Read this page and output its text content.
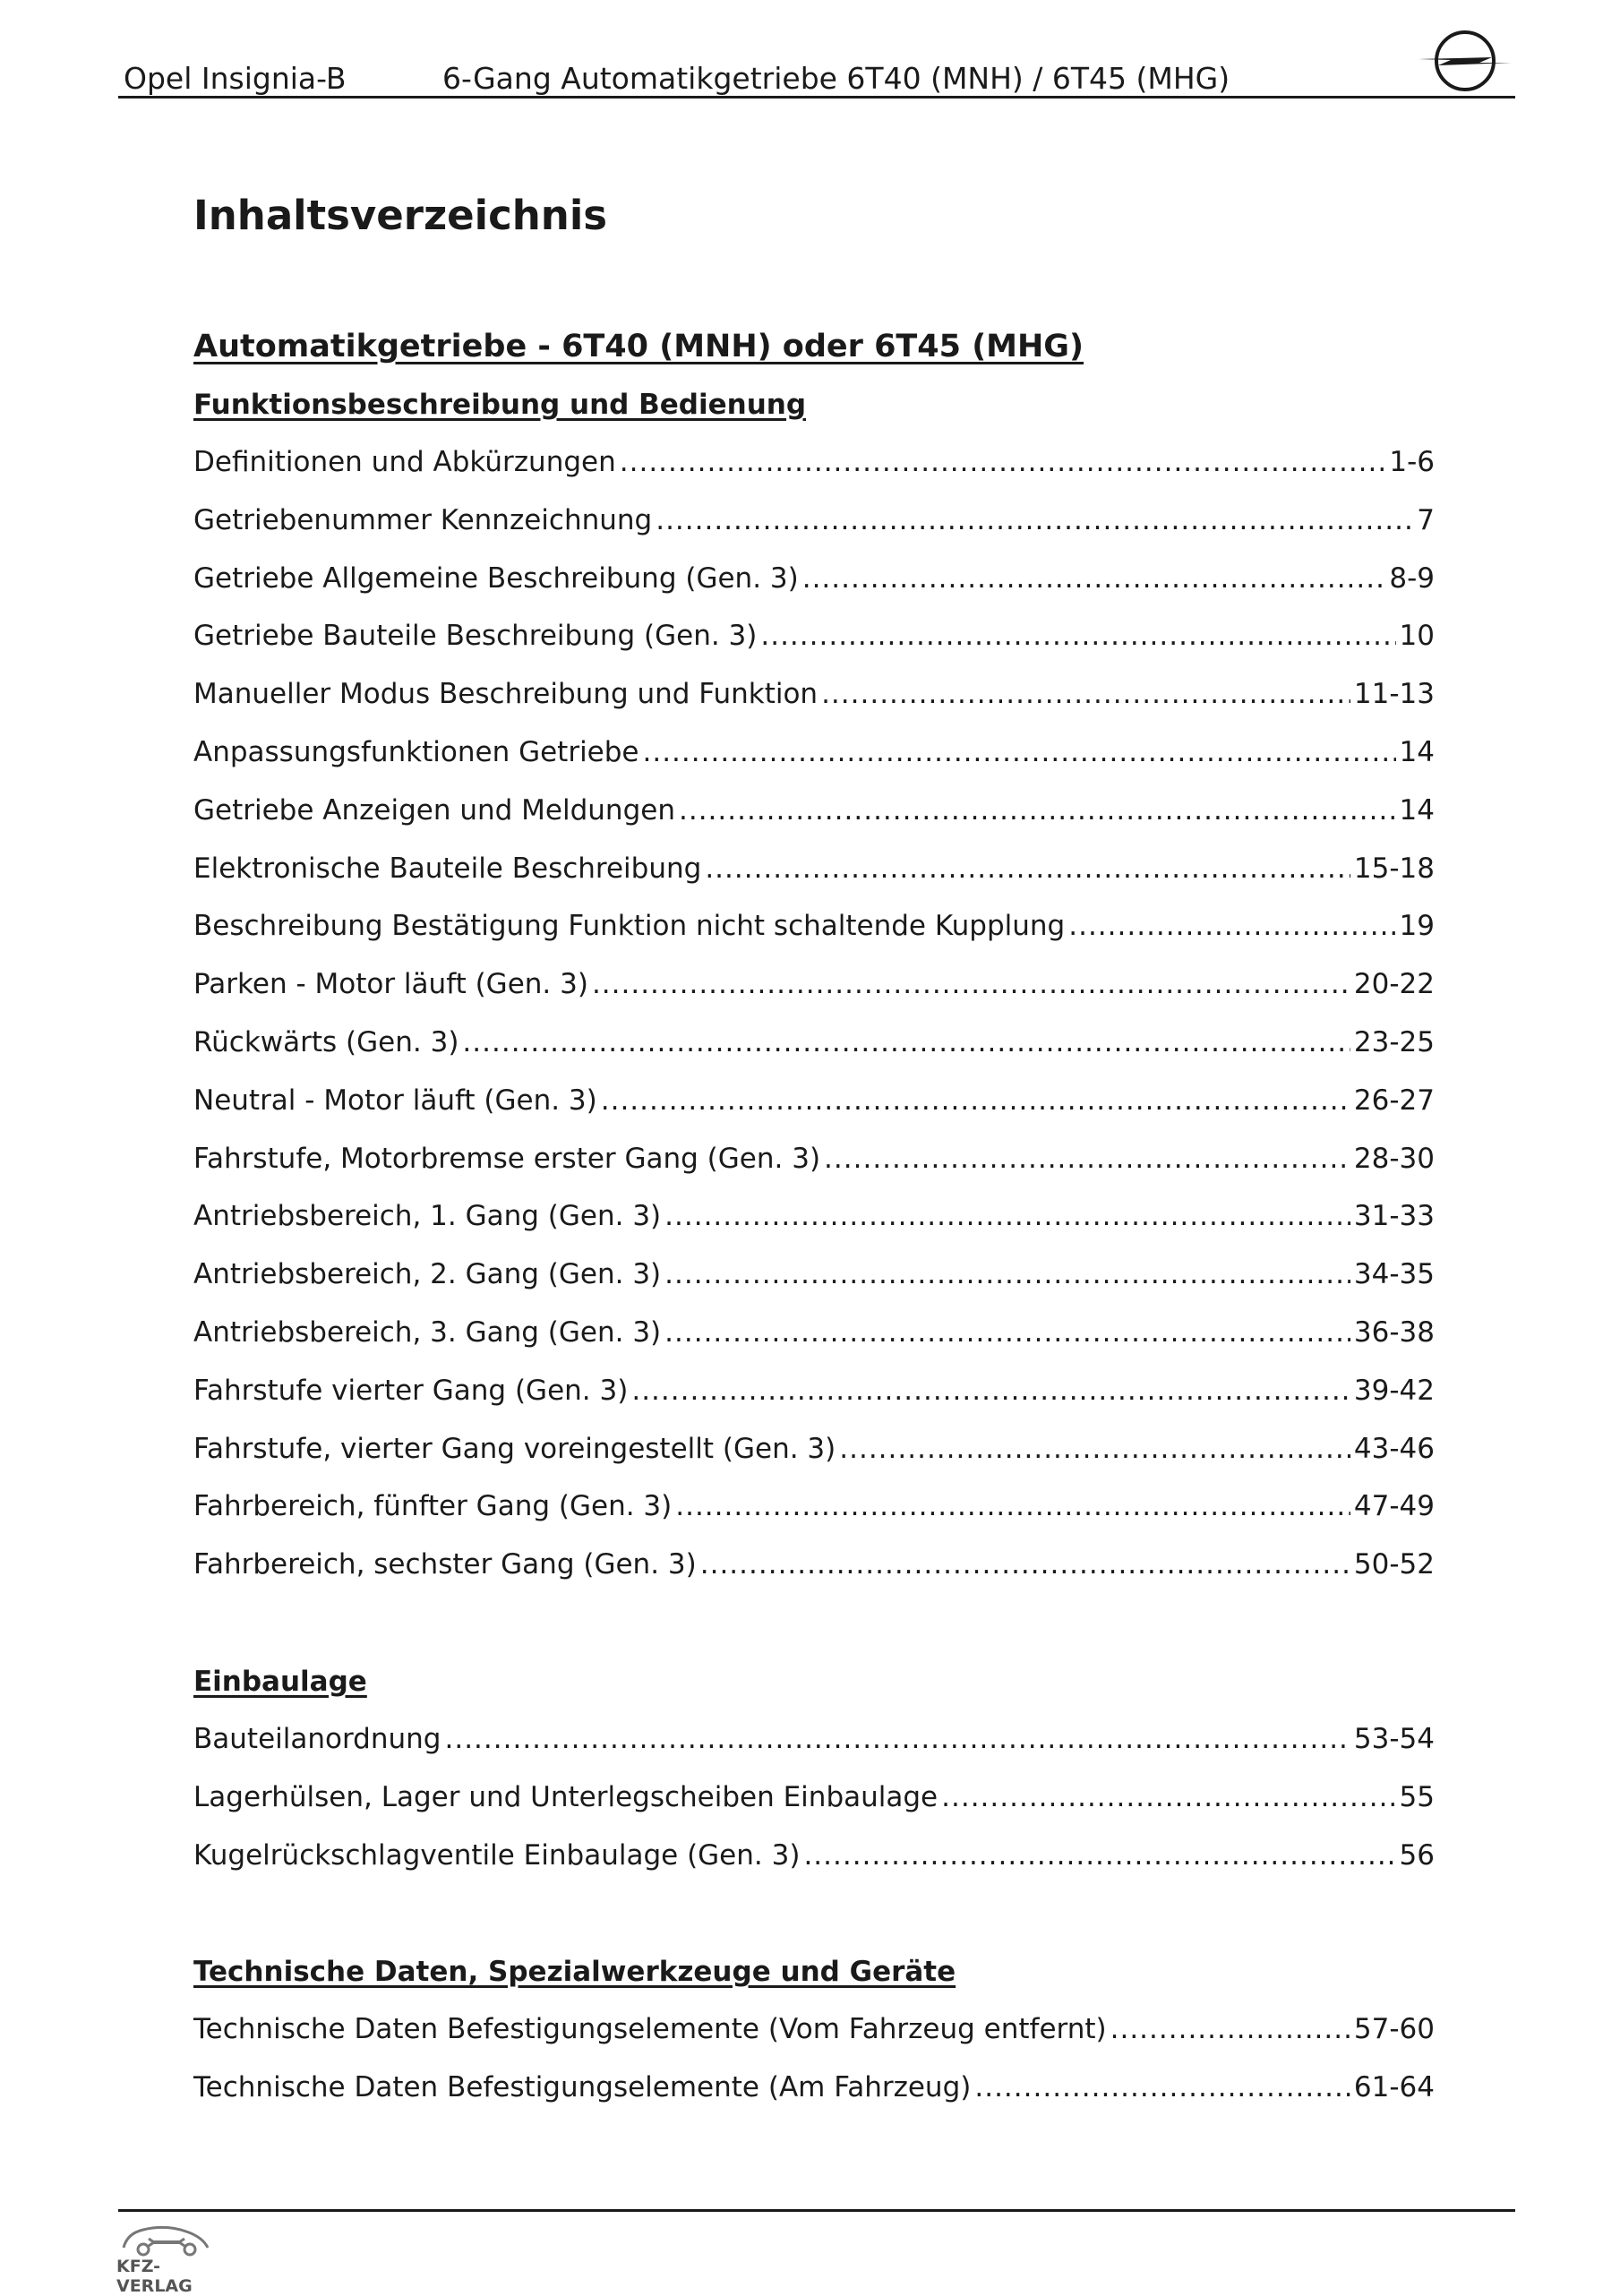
Opel Insignia-B	6-Gang Automatikgetriebe 6T40 (MNH) / 6T45 (MHG)
Inhaltsverzeichnis
Automatikgetriebe - 6T40 (MNH) oder 6T45 (MHG)
Funktionsbeschreibung und Bedienung
Definitionen und Abkürzungen .....	1-6
Getriebenummer Kennzeichnung .....	7
Getriebe Allgemeine Beschreibung (Gen. 3) .....	8-9
Getriebe Bauteile Beschreibung (Gen. 3) .....	10
Manueller Modus Beschreibung und Funktion .....	11-13
Anpassungsfunktionen Getriebe .....	14
Getriebe Anzeigen und Meldungen .....	14
Elektronische Bauteile Beschreibung .....	15-18
Beschreibung Bestätigung Funktion nicht schaltende Kupplung .....	19
Parken - Motor läuft (Gen. 3) .....	20-22
Rückwärts (Gen. 3) .....	23-25
Neutral - Motor läuft (Gen. 3) .....	26-27
Fahrstufe, Motorbremse erster Gang (Gen. 3) .....	28-30
Antriebsbereich, 1. Gang (Gen. 3) .....	31-33
Antriebsbereich, 2. Gang (Gen. 3) .....	34-35
Antriebsbereich, 3. Gang (Gen. 3) .....	36-38
Fahrstufe vierter Gang (Gen. 3) .....	39-42
Fahrstufe, vierter Gang voreingestellt (Gen. 3) .....	43-46
Fahrbereich, fünfter Gang (Gen. 3) .....	47-49
Fahrbereich, sechster Gang (Gen. 3) .....	50-52
Einbaulage
Bauteilanordnung .....	53-54
Lagerhülsen, Lager und Unterlegscheiben Einbaulage .....	55
Kugelrückschlagventile Einbaulage (Gen. 3) .....	56
Technische Daten, Spezialwerkzeuge und Geräte
Technische Daten Befestigungselemente (Vom Fahrzeug entfernt) .....	57-60
Technische Daten Befestigungselemente (Am Fahrzeug) .....	61-64
KFZ-VERLAG
